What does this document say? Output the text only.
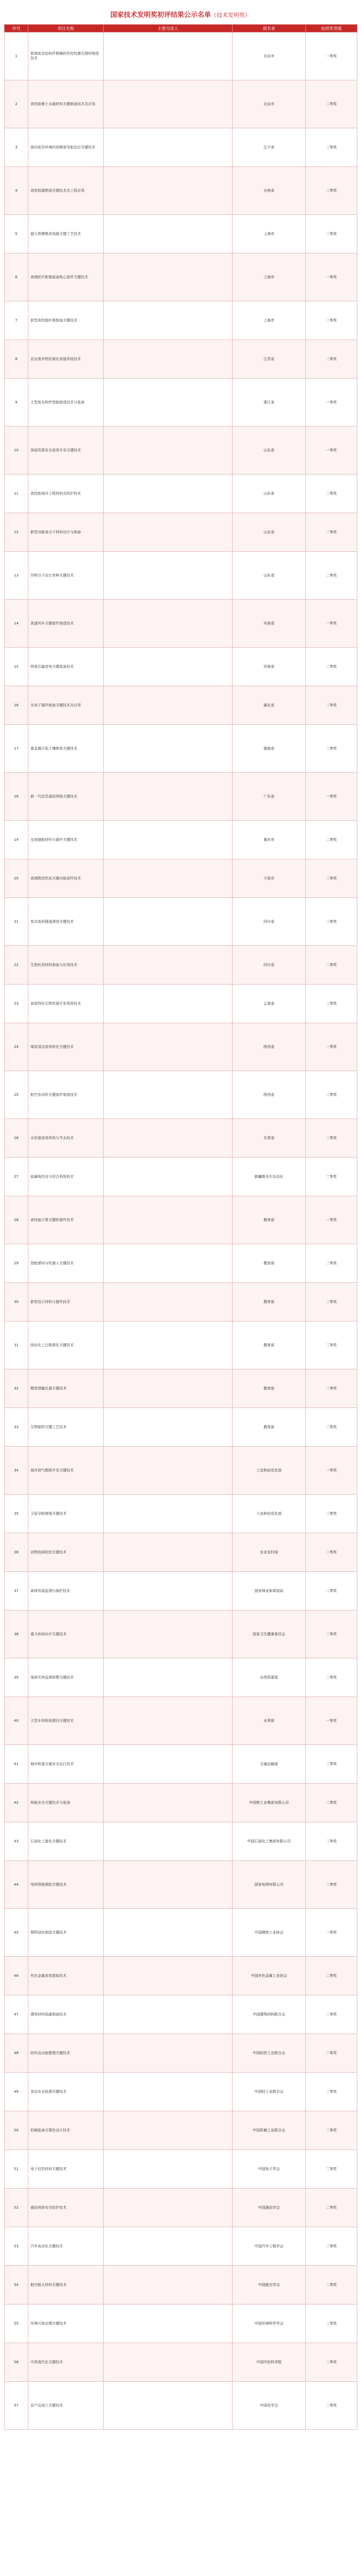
国家技术发明奖初评结果公示名单（技术发明奖）
序号	项目名称	主要完成人	提名者	拟授奖等级
1	极端复杂结构件精确控形控性激光增材制造技术		北京市	一等奖
2	高性能稀土永磁材料关键制备技术及应用		北京市	二等奖
3	面向复杂环境的高精度导航定位关键技术		辽宁省	二等奖
4	高效低碳燃烧关键技术及工程应用		吉林省	二等奖
5	超大规模集成电路关键工艺技术		上海市	二等奖
6	高端医疗影像装备核心部件关键技术		上海市	一等奖
7	新型高性能纤维制备关键技术		上海市	二等奖
8	农业废弃物资源化高值利用技术		江苏省	二等奖
9	大型复杂构件智能制造技术与装备		浙江省	一等奖
10	深部资源安全高效开采关键技术		山东省	一等奖
11	高性能海洋工程材料及防护技术		山东省	二等奖
12	新型功能高分子材料设计与制备		山东省	二等奖
13	作物分子设计育种关键技术		山东省	二等奖
14	高速列车关键部件制造技术		河南省	一等奖
15	特高压输变电关键装备技术		河南省	二等奖
16	光电子器件制备关键技术及应用		湖北省	二等奖
17	重金属污染土壤修复关键技术		湖南省	二等奖
18	新一代信息通信网络关键技术		广东省	一等奖
19	先进储能材料与器件关键技术		重庆市	二等奖
20	高端数控机床关键功能部件技术		宁波市	二等奖
21	复杂地质隧道建造关键技术		四川省	二等奖
22	生物医用材料制备与应用技术		四川省	二等奖
23	高原特色生物资源开发利用技术		云南省	二等奖
24	煤炭清洁高效转化关键技术		陕西省	一等奖
25	航空发动机关键部件制造技术		陕西省	二等奖
26	水资源高效利用与节水技术		甘肃省	二等奖
27	盐碱地改良与综合利用技术		新疆维吾尔自治区	二等奖
28	高性能计算关键软硬件技术		教育部	一等奖
29	智能感知与机器人关键技术		教育部	二等奖
30	新型显示材料与器件技术		教育部	二等奖
31	绿色化工过程强化关键技术		教育部	二等奖
32	精密测量仪器关键技术		教育部	二等奖
33	生物制药关键工艺技术		教育部	二等奖
34	海洋油气勘探开发关键技术		工业和信息化部	一等奖
35	卫星导航增强关键技术		工业和信息化部	二等奖
36	动物疫病防控关键技术		农业农村部	二等奖
37	森林资源监测与保护技术		国家林业和草原局	二等奖
38	重大疾病诊疗关键技术		国家卫生健康委员会	二等奖
39	地质灾害监测预警关键技术		自然资源部	二等奖
40	大型水利枢纽建设关键技术		水利部	一等奖
41	城市轨道交通安全运行技术		交通运输部	二等奖
42	核能安全关键技术与装备		中国核工业集团有限公司	二等奖
43	石油化工催化关键技术		中国石油化工集团有限公司	二等奖
44	电网智能调控关键技术		国家电网有限公司	二等奖
45	钢铁绿色制造关键技术		中国钢铁工业协会	一等奖
46	有色金属高效提取技术		中国有色金属工业协会	二等奖
47	建筑材料低碳制备技术		中国建筑材料联合会	二等奖
48	纺织品功能整理关键技术		中国纺织工业联合会	二等奖
49	食品安全检测关键技术		中国轻工业联合会	二等奖
50	机械装备可靠性设计技术		中国机械工业联合会	二等奖
51	电子信息材料关键技术		中国电子学会	二等奖
52	通信网络安全防护技术		中国通信学会	二等奖
53	汽车电动化关键技术		中国汽车工程学会	二等奖
54	航空航天材料关键技术		中国航空学会	二等奖
55	环境污染治理关键技术		中国环境科学学会	二等奖
56	中药现代化关键技术		中国中医科学院	二等奖
57	农产品加工关键技术		中国农学会	二等奖
